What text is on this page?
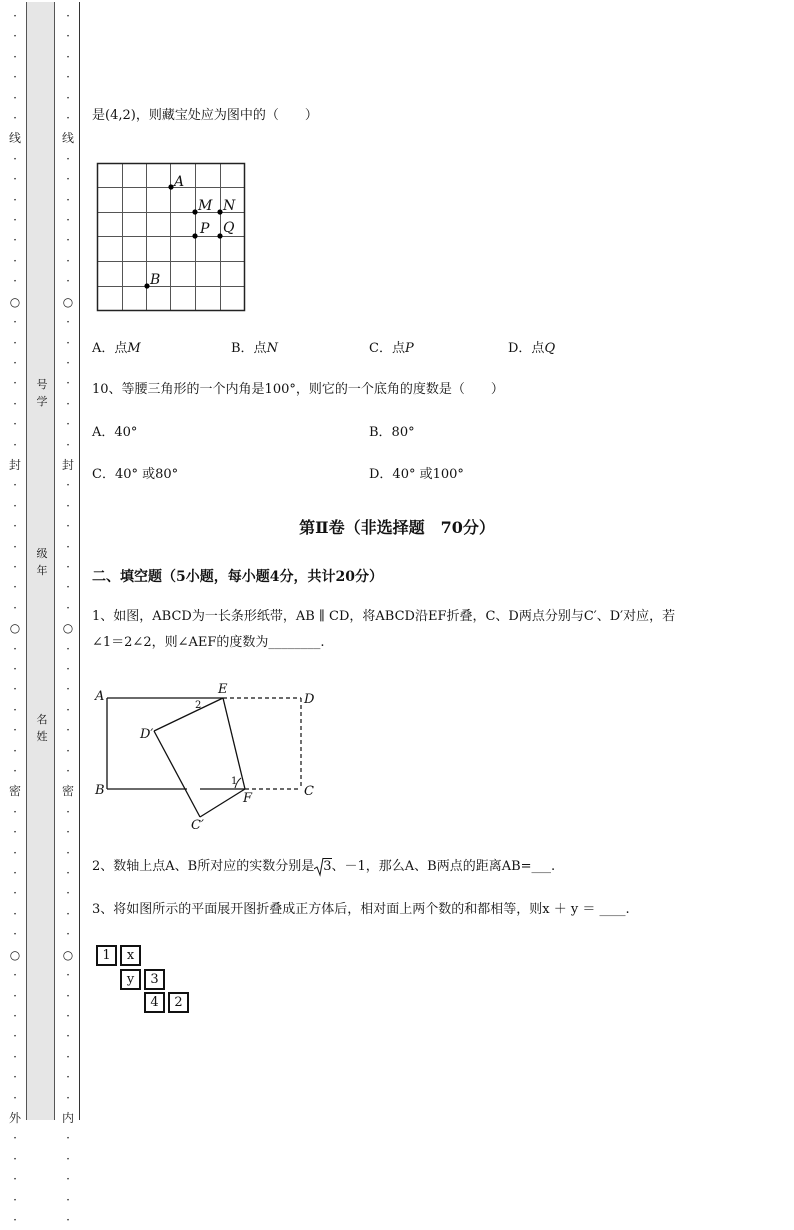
·
·
·
·
·
·
线
·
·
·
·
·
·
·
○
·
·
·
·
·
·
·
封
·
·
·
·
·
·
·
○
·
·
·
·
·
·
·
密
·
·
·
·
·
·
·
○
·
·
·
·
·
·
·
外
·
·
·
·
·
·
·
·
·
·
·
线
·
·
·
·
·
·
·
○
·
·
·
·
·
·
·
封
·
·
·
·
·
·
·
○
·
·
·
·
·
·
·
密
·
·
·
·
·
·
·
○
·
·
·
·
·
·
·
内
·
·
·
·
·
号学
级年
名姓
是(4,2)，则藏宝处应为图中的（　　）
A
M N
P Q
B
A．点M	B．点N	C．点P	D．点Q
10、等腰三角形的一个内角是100°，则它的一个底角的度数是（　　）
A．40°	B．80°
C．40° 或80°	D．40° 或100°
第Ⅱ卷（非选择题　70分）
二、填空题（5小题，每小题4分，共计20分）
1、如图，ABCD为一长条形纸带，AB ∥ CD，将ABCD沿EF折叠，C、D两点分别与C′、D′对应，若
∠1＝2∠2，则∠AEF的度数为________.
A	E
D
B	C
F
D′
C′
1
2
2、数轴上点A、B所对应的实数分别是 3、－1，那么A、B两点的距离AB=___.
3、将如图所示的平面展开图折叠成正方体后，相对面上两个数的和都相等，则x ＋ y ＝ ____.
1	x
y	3
4	2
